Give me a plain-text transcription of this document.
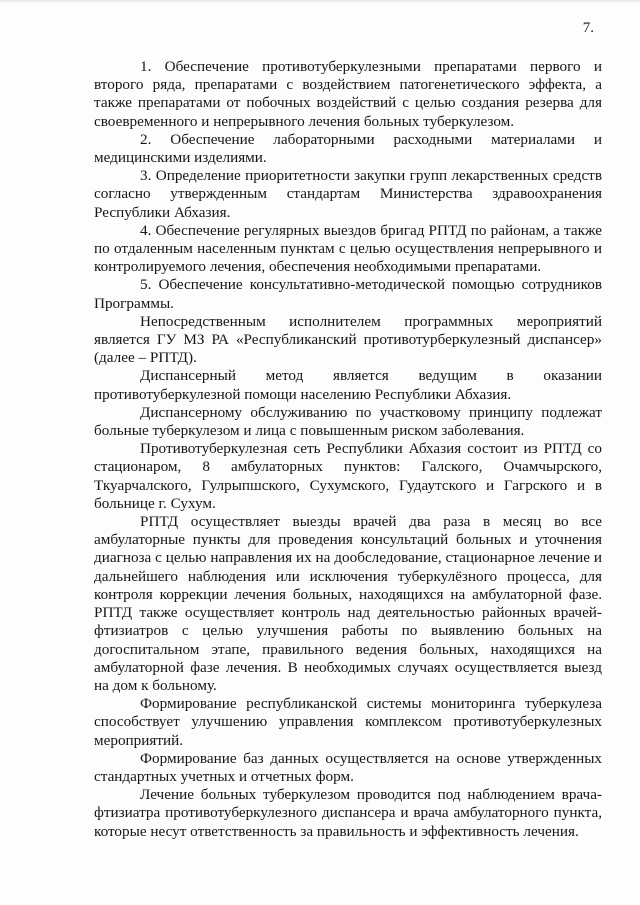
7.

1. Обеспечение противотуберкулезными препаратами первого и второго ряда, препаратами с воздействием патогенетического эффекта, а также препаратами от побочных воздействий с целью создания резерва для своевременного и непрерывного лечения больных туберкулезом.

2. Обеспечение лабораторными расходными материалами и медицинскими изделиями.

3. Определение приоритетности закупки групп лекарственных средств согласно утвержденным стандартам Министерства здравоохранения Республики Абхазия.

4. Обеспечение регулярных выездов бригад РПТД по районам, а также по отдаленным населенным пунктам с целью осуществления непрерывного и контролируемого лечения, обеспечения необходимыми препаратами.

5. Обеспечение консультативно-методической помощью сотрудников Программы.

Непосредственным исполнителем программных мероприятий является ГУ МЗ РА «Республиканский противотурберкулезный диспансер» (далее – РПТД).

Диспансерный метод является ведущим в оказании противотуберкулезной помощи населению Республики Абхазия.

Диспансерному обслуживанию по участковому принципу подлежат больные туберкулезом и лица с повышенным риском заболевания.

Противотуберкулезная сеть Республики Абхазия состоит из РПТД со стационаром, 8 амбулаторных пунктов: Галского, Очамчырского, Ткуарчалского, Гулрыпшского, Сухумского, Гудаутского и Гагрского и в больнице г. Сухум.

РПТД осуществляет выезды врачей два раза в месяц во все амбулаторные пункты для проведения консультаций больных и уточнения диагноза с целью направления их на дообследование, стационарное лечение и дальнейшего наблюдения или исключения туберкулёзного процесса, для контроля коррекции лечения больных, находящихся на амбулаторной фазе. РПТД также осуществляет контроль над деятельностью районных врачей-фтизиатров с целью улучшения работы по выявлению больных на догоспитальном этапе, правильного ведения больных, находящихся на амбулаторной фазе лечения. В необходимых случаях осуществляется выезд на дом к больному.

Формирование республиканской системы мониторинга туберкулеза способствует улучшению управления комплексом противотуберкулезных мероприятий.

Формирование баз данных осуществляется на основе утвержденных стандартных учетных и отчетных форм.

Лечение больных туберкулезом проводится под наблюдением врача-фтизиатра противотуберкулезного диспансера и врача амбулаторного пункта, которые несут ответственность за правильность и эффективность лечения.
